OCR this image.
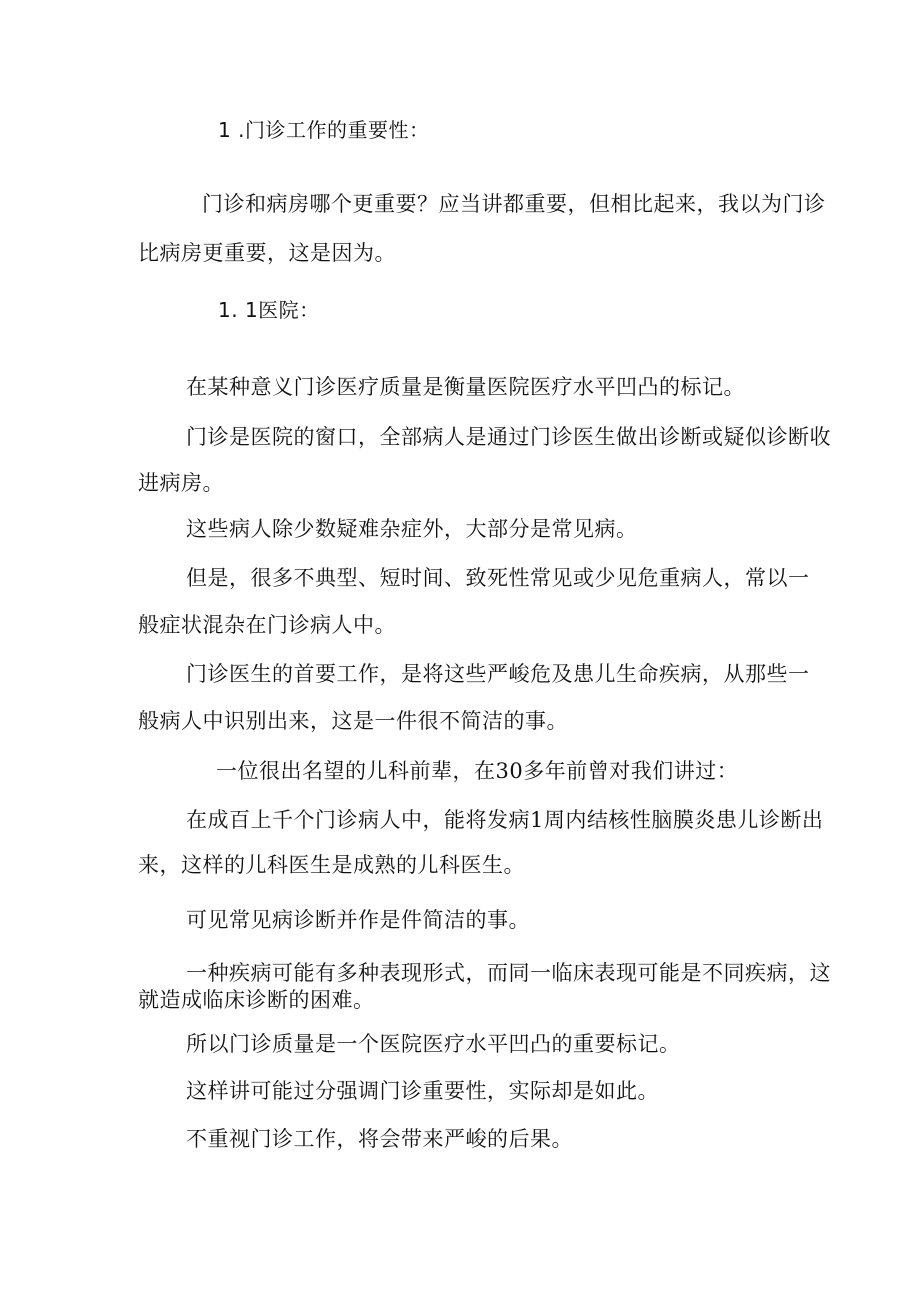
1 .门诊工作的重要性：

门诊和病房哪个更重要？应当讲都重要，但相比起来，我以为门诊

比病房更重要，这是因为。

1. 1医院：

在某种意义门诊医疗质量是衡量医院医疗水平凹凸的标记。

门诊是医院的窗口，全部病人是通过门诊医生做出诊断或疑似诊断收

进病房。

这些病人除少数疑难杂症外，大部分是常见病。

但是，很多不典型、短时间、致死性常见或少见危重病人，常以一

般症状混杂在门诊病人中。

门诊医生的首要工作，是将这些严峻危及患儿生命疾病，从那些一

般病人中识别出来，这是一件很不简洁的事。

一位很出名望的儿科前辈，在30多年前曾对我们讲过：

在成百上千个门诊病人中，能将发病1周内结核性脑膜炎患儿诊断出

来，这样的儿科医生是成熟的儿科医生。

可见常见病诊断并作是件简洁的事。

一种疾病可能有多种表现形式，而同一临床表现可能是不同疾病，这

就造成临床诊断的困难。

所以门诊质量是一个医院医疗水平凹凸的重要标记。

这样讲可能过分强调门诊重要性，实际却是如此。

不重视门诊工作，将会带来严峻的后果。
